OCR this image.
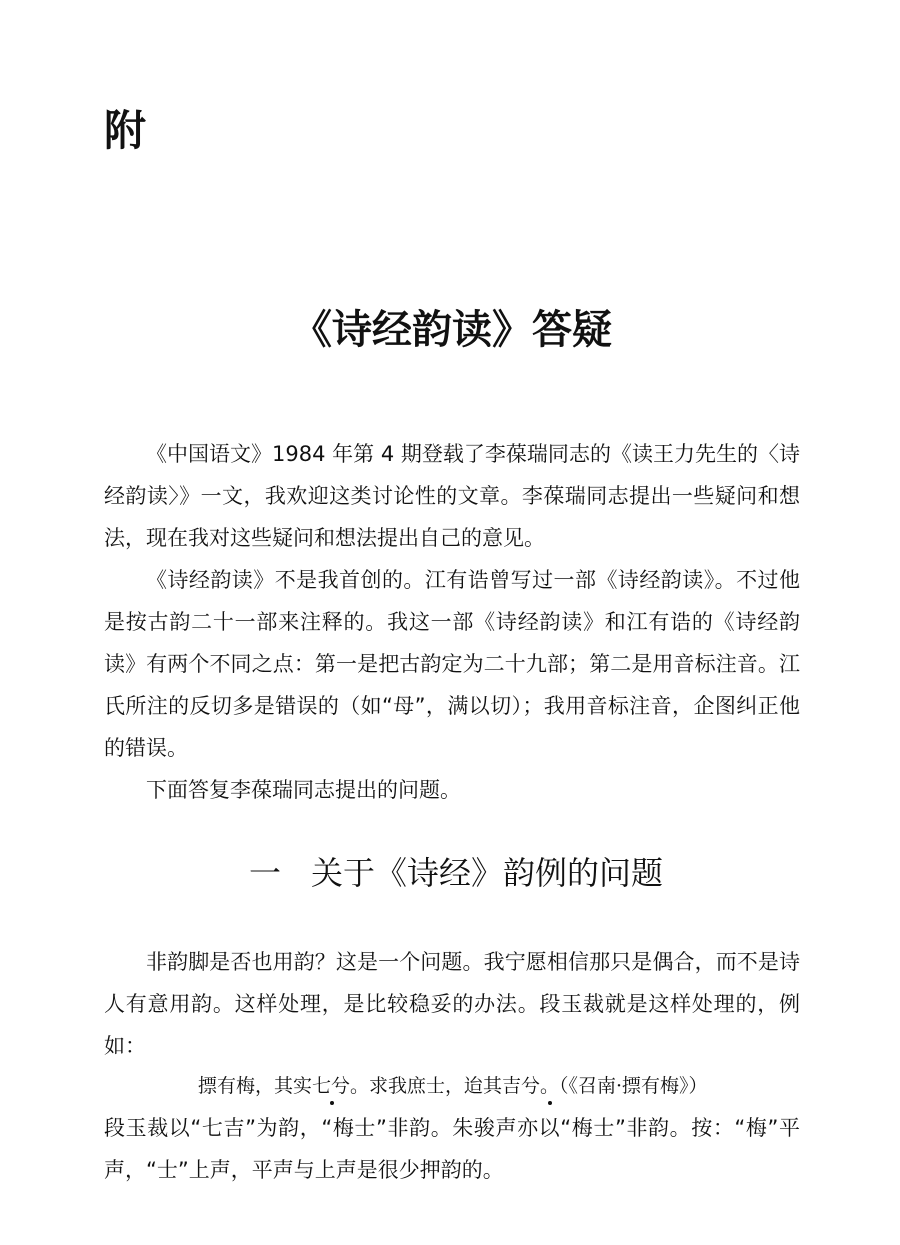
附
《诗经韵读》答疑

《中国语文》1984 年第 4 期登载了李葆瑞同志的《读王力先生的〈诗经韵读〉》一文，我欢迎这类讨论性的文章。李葆瑞同志提出一些疑问和想法，现在我对这些疑问和想法提出自己的意见。

《诗经韵读》不是我首创的。江有诰曾写过一部《诗经韵读》。不过他是按古韵二十一部来注释的。我这一部《诗经韵读》和江有诰的《诗经韵读》有两个不同之点：第一是把古韵定为二十九部；第二是用音标注音。江氏所注的反切多是错误的（如“母”，满以切）；我用音标注音，企图纠正他的错误。

下面答复李葆瑞同志提出的问题。

一 关于《诗经》韵例的问题

非韵脚是否也用韵？这是一个问题。我宁愿相信那只是偶合，而不是诗人有意用韵。这样处理，是比较稳妥的办法。段玉裁就是这样处理的，例如：

摽有梅，其实七兮。求我庶士，迨其吉兮。（《召南·摽有梅》）

段玉裁以“七吉”为韵，“梅士”非韵。朱骏声亦以“梅士”非韵。按：“梅”平声，“士”上声，平声与上声是很少押韵的。
